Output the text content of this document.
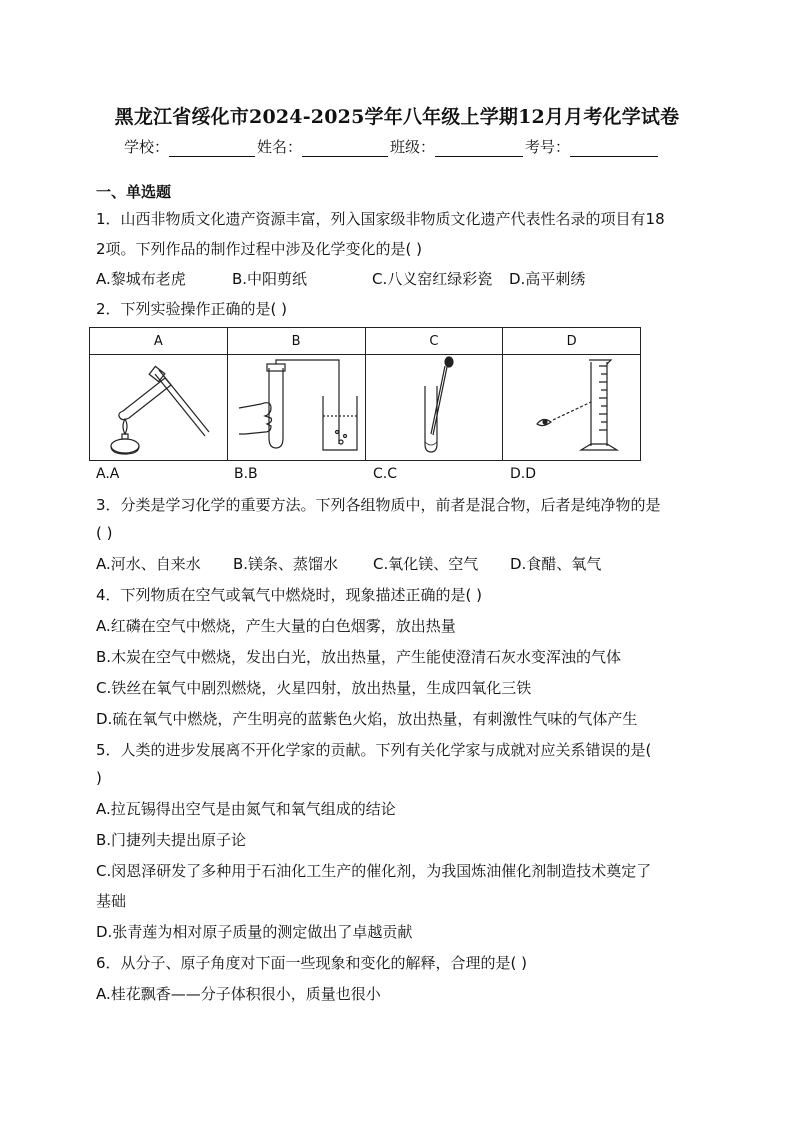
黑龙江省绥化市2024-2025学年八年级上学期12月月考化学试卷
学校：	姓名：	班级：	考号：
一、单选题
1．山西非物质文化遗产资源丰富，列入国家级非物质文化遗产代表性名录的项目有18
2项。下列作品的制作过程中涉及化学变化的是( )
A.黎城布老虎	B.中阳剪纸	C.八义窑红绿彩瓷 D.高平刺绣
2．下列实验操作正确的是( )
A	B	C	D

A.A	B.B	C.C	D.D
3．分类是学习化学的重要方法。下列各组物质中，前者是混合物，后者是纯净物的是
( )
A.河水、自来水 B.镁条、蒸馏水 C.氧化镁、空气 D.食醋、氧气
4．下列物质在空气或氧气中燃烧时，现象描述正确的是( )
A.红磷在空气中燃烧，产生大量的白色烟雾，放出热量
B.木炭在空气中燃烧，发出白光，放出热量，产生能使澄清石灰水变浑浊的气体
C.铁丝在氧气中剧烈燃烧，火星四射，放出热量，生成四氧化三铁
D.硫在氧气中燃烧，产生明亮的蓝紫色火焰，放出热量，有刺激性气味的气体产生
5．人类的进步发展离不开化学家的贡献。下列有关化学家与成就对应关系错误的是(
)
A.拉瓦锡得出空气是由氮气和氧气组成的结论
B.门捷列夫提出原子论
C.闵恩泽研发了多种用于石油化工生产的催化剂，为我国炼油催化剂制造技术奠定了
基础
D.张青莲为相对原子质量的测定做出了卓越贡献
6．从分子、原子角度对下面一些现象和变化的解释，合理的是( )
A.桂花飘香——分子体积很小，质量也很小
